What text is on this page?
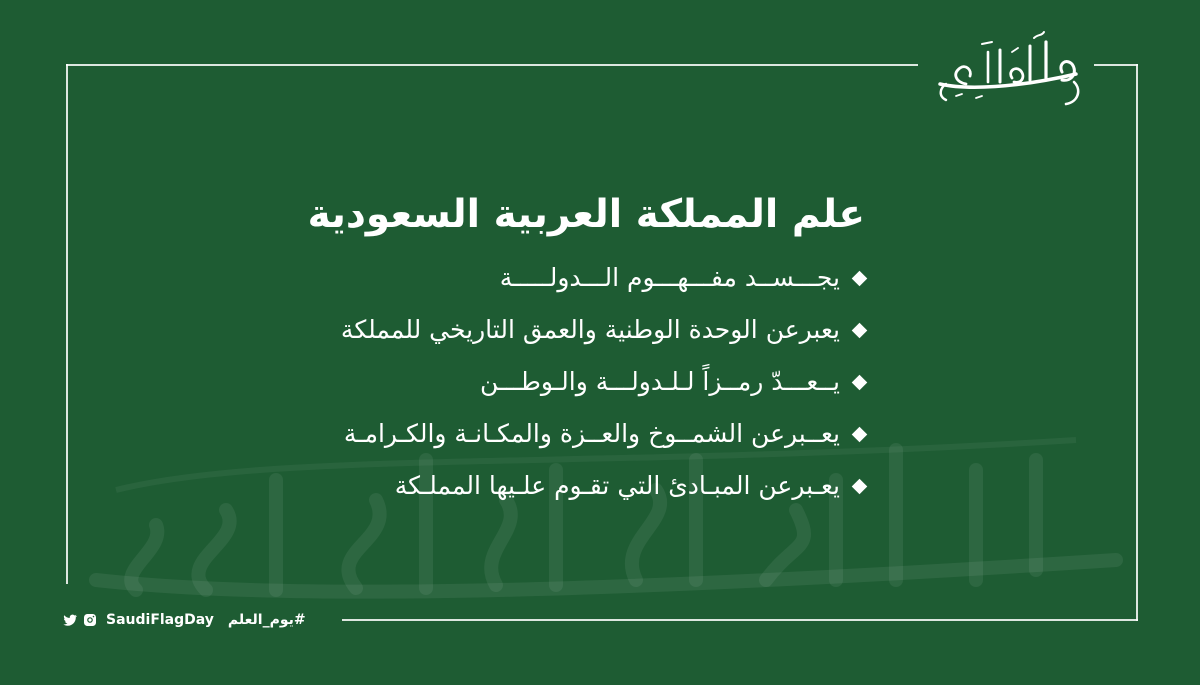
علم المملكة العربية السعودية
يجـــســد مفـــهـــوم الـــدولـــــة
يعبرعن الوحدة الوطنية والعمق التاريخي للمملكة
يــعـــدّ رمــزاً لـلـدولـــة والـوطـــن
يعــبرعن الشمــوخ والعــزة والمكـانـة والكـرامـة
يعـبرعن المبـادئ التي تقـوم علـيها المملـكة
SaudiFlagDay #يوم_العلم
